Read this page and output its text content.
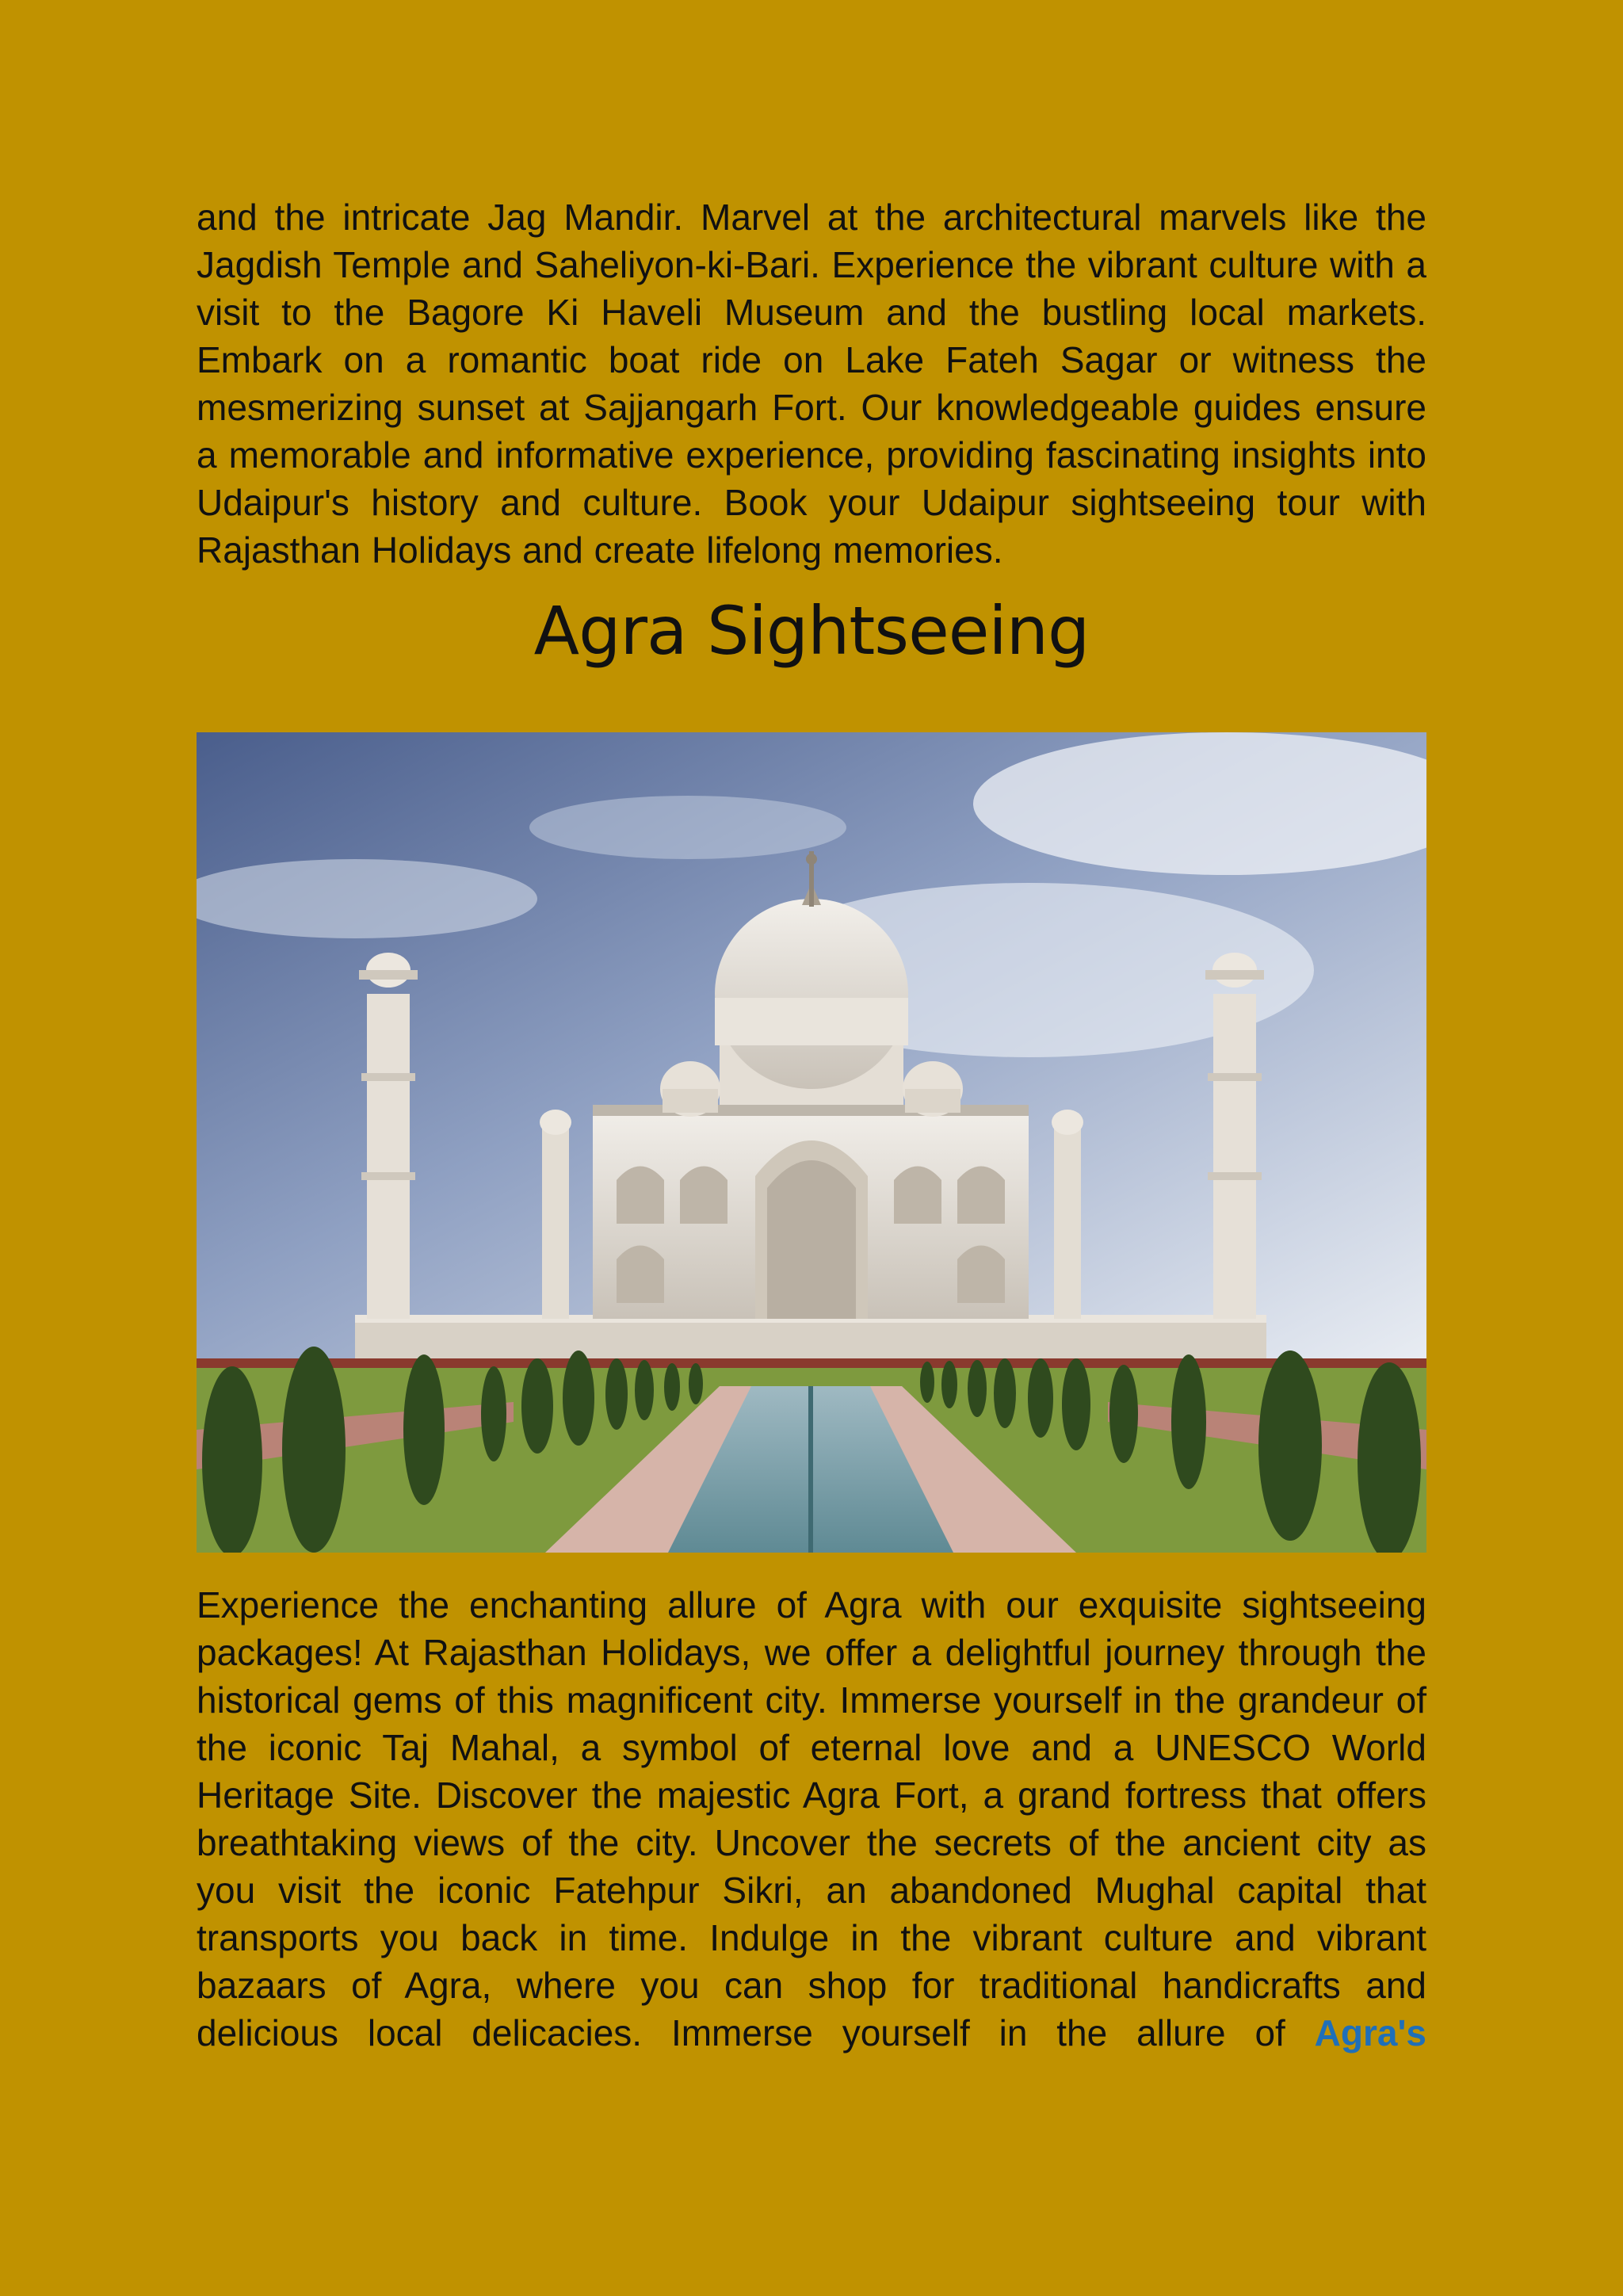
and the intricate Jag Mandir. Marvel at the architectural marvels like the Jagdish Temple and Saheliyon-ki-Bari. Experience the vibrant culture with a visit to the Bagore Ki Haveli Museum and the bustling local markets. Embark on a romantic boat ride on Lake Fateh Sagar or witness the mesmerizing sunset at Sajjangarh Fort. Our knowledgeable guides ensure a memorable and informative experience, providing fascinating insights into Udaipur's history and culture. Book your Udaipur sightseeing tour with Rajasthan Holidays and create lifelong memories.

Agra Sightseeing

Experience the enchanting allure of Agra with our exquisite sightseeing packages! At Rajasthan Holidays, we offer a delightful journey through the historical gems of this magnificent city. Immerse yourself in the grandeur of the iconic Taj Mahal, a symbol of eternal love and a UNESCO World Heritage Site. Discover the majestic Agra Fort, a grand fortress that offers breathtaking views of the city. Uncover the secrets of the ancient city as you visit the iconic Fatehpur Sikri, an abandoned Mughal capital that transports you back in time. Indulge in the vibrant culture and vibrant bazaars of Agra, where you can shop for traditional handicrafts and delicious local delicacies. Immerse yourself in the allure of Agra's
